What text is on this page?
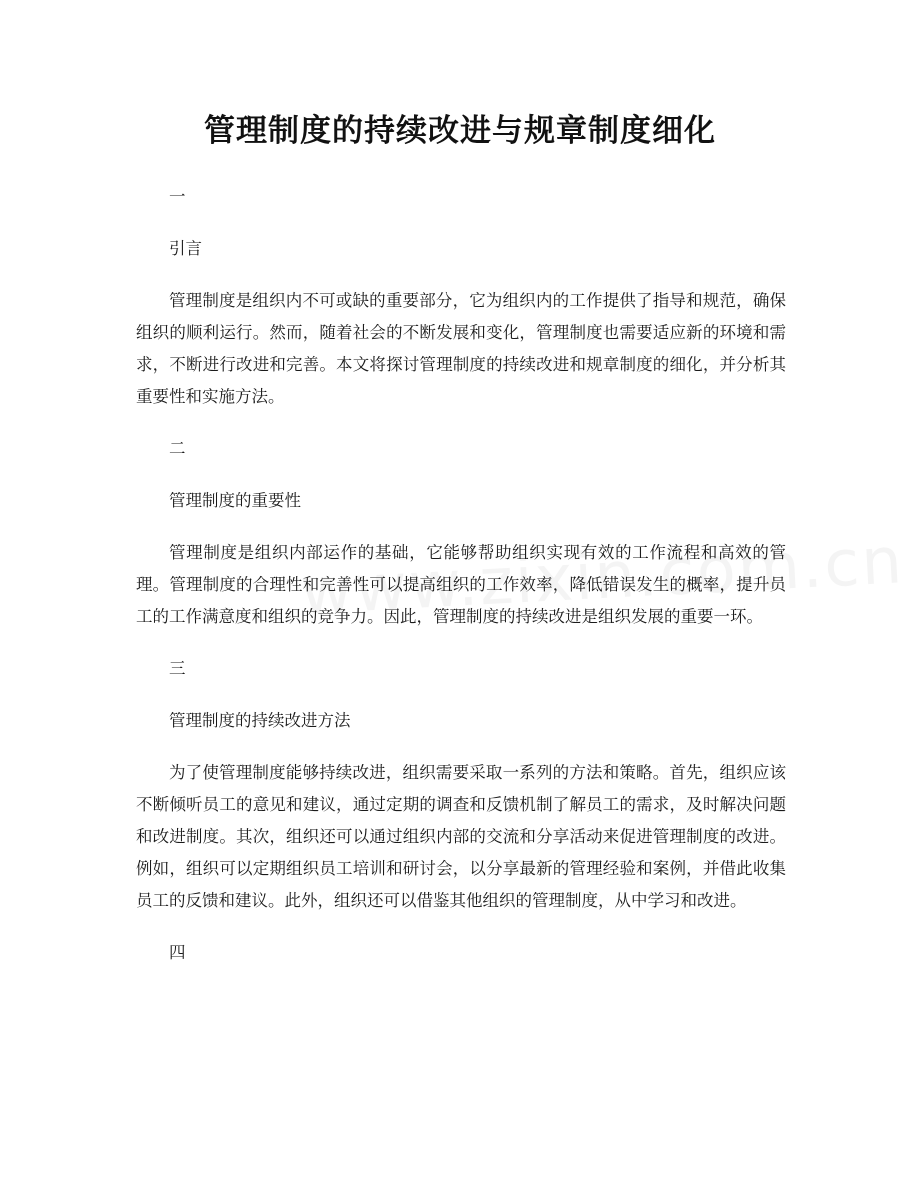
管理制度的持续改进与规章制度细化
一
引言

管理制度是组织内不可或缺的重要部分，它为组织内的工作提供了指导和规范，确保组织的顺利运行。然而，随着社会的不断发展和变化，管理制度也需要适应新的环境和需求，不断进行改进和完善。本文将探讨管理制度的持续改进和规章制度的细化，并分析其重要性和实施方法。

二
管理制度的重要性

管理制度是组织内部运作的基础，它能够帮助组织实现有效的工作流程和高效的管理。管理制度的合理性和完善性可以提高组织的工作效率，降低错误发生的概率，提升员工的工作满意度和组织的竞争力。因此，管理制度的持续改进是组织发展的重要一环。

三
管理制度的持续改进方法

为了使管理制度能够持续改进，组织需要采取一系列的方法和策略。首先，组织应该不断倾听员工的意见和建议，通过定期的调查和反馈机制了解员工的需求，及时解决问题和改进制度。其次，组织还可以通过组织内部的交流和分享活动来促进管理制度的改进。例如，组织可以定期组织员工培训和研讨会，以分享最新的管理经验和案例，并借此收集员工的反馈和建议。此外，组织还可以借鉴其他组织的管理制度，从中学习和改进。

四
